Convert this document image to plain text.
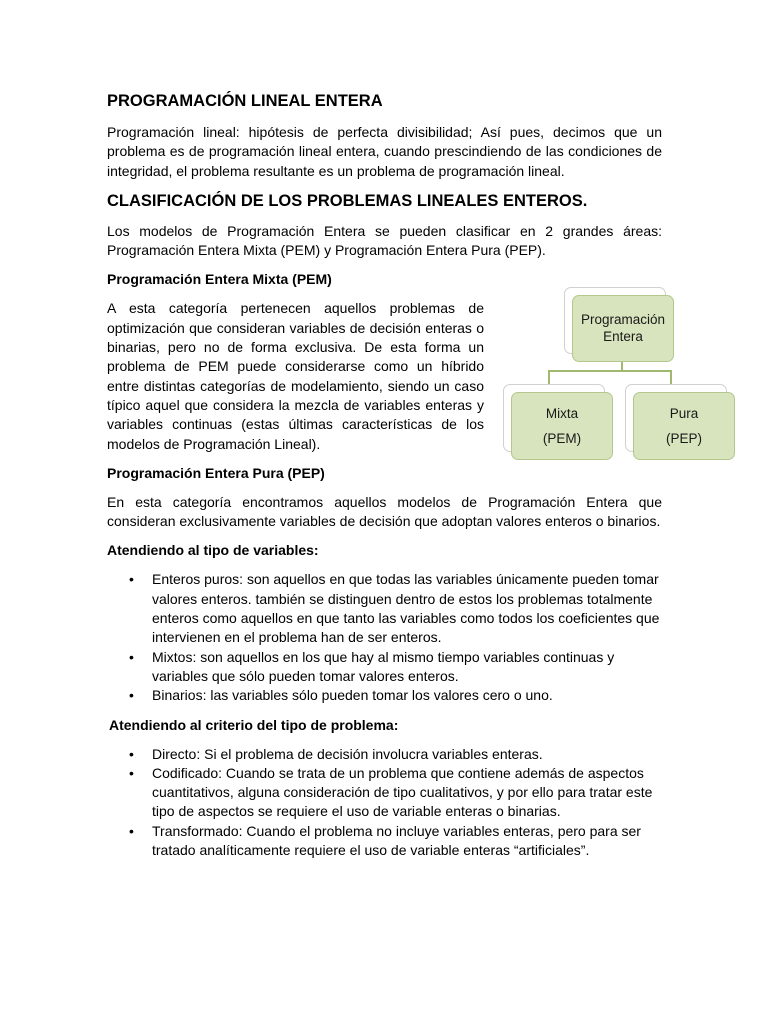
PROGRAMACIÓN LINEAL ENTERA

Programación lineal: hipótesis de perfecta divisibilidad; Así pues, decimos que un problema es de programación lineal entera, cuando prescindiendo de las condiciones de integridad, el problema resultante es un problema de programación lineal.

CLASIFICACIÓN DE LOS PROBLEMAS LINEALES ENTEROS.

Los modelos de Programación Entera se pueden clasificar en 2 grandes áreas: Programación Entera Mixta (PEM) y Programación Entera Pura (PEP).

Programación Entera Mixta (PEM)

A esta categoría pertenecen aquellos problemas de optimización que consideran variables de decisión enteras o binarias, pero no de forma exclusiva. De esta forma un problema de PEM puede considerarse como un híbrido entre distintas categorías de modelamiento, siendo un caso típico aquel que considera la mezcla de variables enteras y variables continuas (estas últimas características de los modelos de Programación Lineal).

Programación Entera Pura (PEP)

En esta categoría encontramos aquellos modelos de Programación Entera que consideran exclusivamente variables de decisión que adoptan valores enteros o binarios.

Atendiendo al tipo de variables:
• Enteros puros: son aquellos en que todas las variables únicamente pueden tomar valores enteros. también se distinguen dentro de estos los problemas totalmente enteros como aquellos en que tanto las variables como todos los coeficientes que intervienen en el problema han de ser enteros.
• Mixtos: son aquellos en los que hay al mismo tiempo variables continuas y variables que sólo pueden tomar valores enteros.
• Binarios: las variables sólo pueden tomar los valores cero o uno.
Atendiendo al criterio del tipo de problema:
• Directo: Si el problema de decisión involucra variables enteras.
• Codificado: Cuando se trata de un problema que contiene además de aspectos cuantitativos, alguna consideración de tipo cualitativos, y por ello para tratar este tipo de aspectos se requiere el uso de variable enteras o binarias.
• Transformado: Cuando el problema no incluye variables enteras, pero para ser tratado analíticamente requiere el uso de variable enteras “artificiales”.
Programación
Entera
Mixta
(PEM)
Pura
(PEP)
